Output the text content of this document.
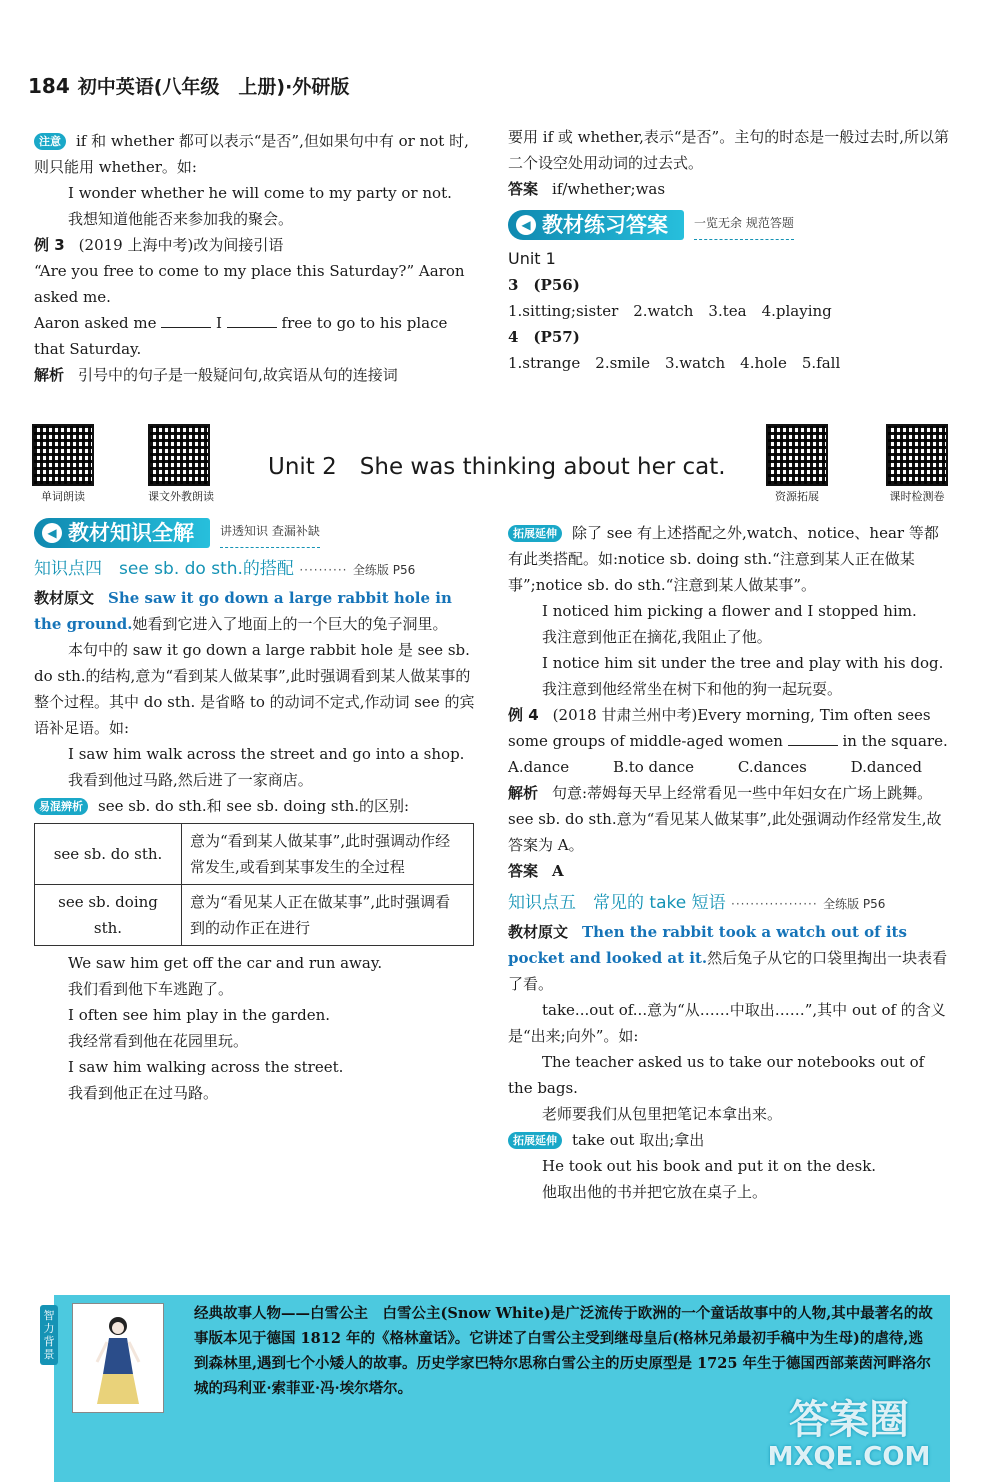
184 初中英语(八年级　上册)·外研版

注意 if 和 whether 都可以表示“是否”,但如果句中有 or not 时,则只能用 whether。如:

I wonder whether he will come to my party or not.

我想知道他能否来参加我的聚会。

例 3 (2019 上海中考)改为间接引语

“Are you free to come to my place this Saturday?” Aaron asked me.

Aaron asked me	I	free to go to his place that Saturday.

解析 引号中的句子是一般疑问句,故宾语从句的连接词

要用 if 或 whether,表示“是否”。主句的时态是一般过去时,所以第二个设空处用动词的过去式。

答案 if/whether;was

◀ 教材练习答案 一览无余 规范答题

Unit 1

3　(P56)

1.sitting;sister　2.watch　3.tea　4.playing

4　(P57)

1.strange　2.smile　3.watch　4.hole　5.fall

单词朗读	课文外教朗读
Unit 2　She was thinking about her cat.
资源拓展	课时检测卷
◀ 教材知识全解 讲透知识 查漏补缺
知识点四　see sb. do sth.的搭配 ·········· 全练版 P56

教材原文 She saw it go down a large rabbit hole in the ground.她看到它进入了地面上的一个巨大的兔子洞里。

本句中的 saw it go down a large rabbit hole 是 see sb. do sth.的结构,意为“看到某人做某事”,此时强调看到某人做某事的整个过程。其中 do sth. 是省略 to 的动词不定式,作动词 see 的宾语补足语。如:

I saw him walk across the street and go into a shop.

我看到他过马路,然后进了一家商店。

易混辨析 see sb. do sth.和 see sb. doing sth.的区别:

see sb. do sth.	意为“看到某人做某事”,此时强调动作经常发生,或看到某事发生的全过程
see sb. doing sth.	意为“看见某人正在做某事”,此时强调看到的动作正在进行

We saw him get off the car and run away.

我们看到他下车逃跑了。

I often see him play in the garden.

我经常看到他在花园里玩。

I saw him walking across the street.

我看到他正在过马路。

拓展延伸 除了 see 有上述搭配之外,watch、notice、hear 等都有此类搭配。如:notice sb. doing sth.“注意到某人正在做某事”;notice sb. do sth.“注意到某人做某事”。

I noticed him picking a flower and I stopped him.

我注意到他正在摘花,我阻止了他。

I notice him sit under the tree and play with his dog.

我注意到他经常坐在树下和他的狗一起玩耍。

例 4 (2018 甘肃兰州中考)Every morning, Tim often sees some groups of middle-aged women	in the square.

A.dance	B.to dance	C.dances	D.danced

解析 句意:蒂姆每天早上经常看见一些中年妇女在广场上跳舞。see sb. do sth.意为“看见某人做某事”,此处强调动作经常发生,故答案为 A。

答案 A

知识点五　常见的 take 短语 ·················· 全练版 P56

教材原文 Then the rabbit took a watch out of its pocket and looked at it.然后兔子从它的口袋里掏出一块表看了看。

take...out of...意为“从……中取出……”,其中 out of 的含义是“出来;向外”。如:

The teacher asked us to take our notebooks out of the bags.

老师要我们从包里把笔记本拿出来。

拓展延伸 take out 取出;拿出

He took out his book and put it on the desk.

他取出他的书并把它放在桌子上。

智力背景
经典故事人物——白雪公主　 白雪公主(Snow White)是广泛流传于欧洲的一个童话故事中的人物,其中最著名的故事版本见于德国 1812 年的《格林童话》。它讲述了白雪公主受到继母皇后(格林兄弟最初手稿中为生母)的虐待,逃到森林里,遇到七个小矮人的故事。历史学家巴特尔思称白雪公主的历史原型是 1725 年生于德国西部莱茵河畔洛尔城的玛利亚·索菲亚·冯·埃尔塔尔。
答案圈
MXQE.COM
